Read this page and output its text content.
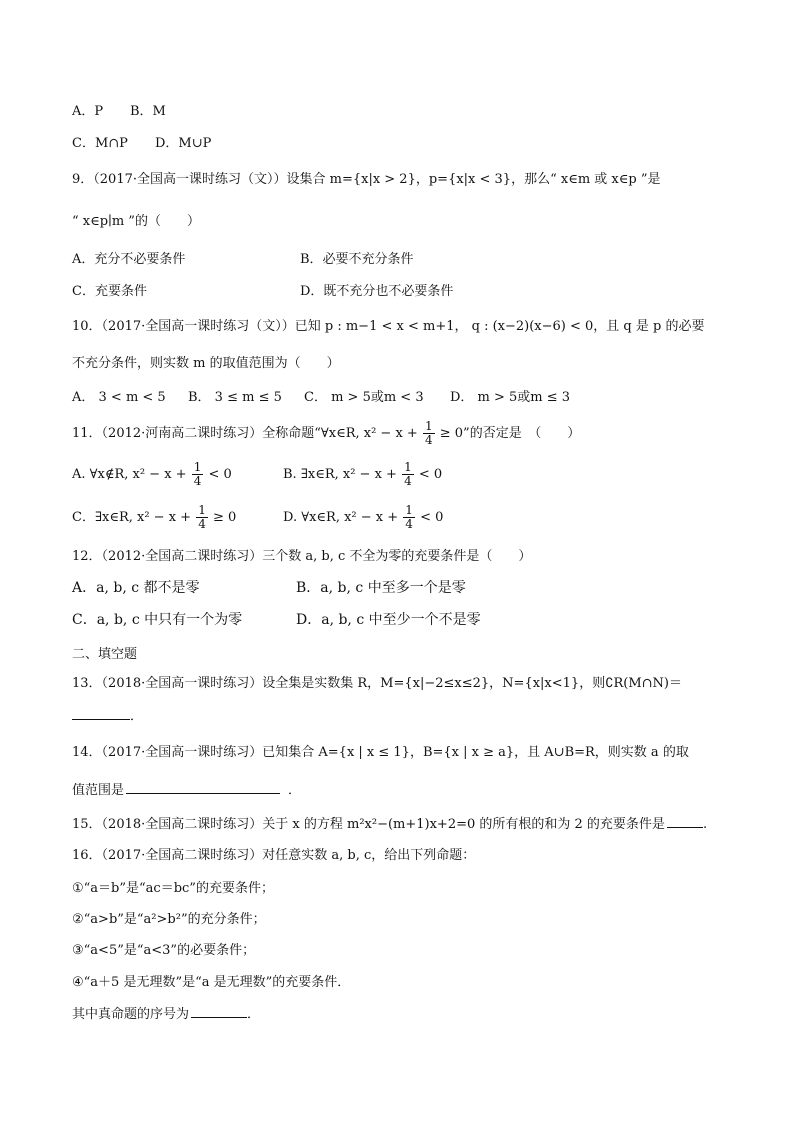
A．P B．M
C．M∩P D．M∪P
9．（2017·全国高一课时练习（文））设集合 m={x|x > 2}，p={x|x < 3}，那么“ x∈m 或 x∈p ”是
“ x∈p∣m ”的（　　）
A．充分不必要条件	B．必要不充分条件
C．充要条件	D．既不充分也不必要条件
10．（2017·全国高一课时练习（文））已知 p : m−1 < x < m+1， q : (x−2)(x−6) < 0，且 q 是 p 的必要
不充分条件，则实数 m 的取值范围为（　　）
A． 3 < m < 5 B． 3 ≤ m ≤ 5 C． m > 5或m < 3 D． m > 5或m ≤ 3
11．（2012·河南高二课时练习）全称命题“∀x∈R, $x^2 - x + \frac{1}{4} \ge 0$”的否定是　（　　）
A. ∀x∉R, $x^2 - x + \frac{1}{4} < 0$	B. ∃x∈R, $x^2 - x + \frac{1}{4} < 0$
C．∃x∈R, $x^2 - x + \frac{1}{4} \ge 0$	D. ∀x∈R, $x^2 - x + \frac{1}{4} < 0$
12．（2012·全国高二课时练习）三个数 a, b, c 不全为零的充要条件是（　　）
A．a, b, c 都不是零	B．a, b, c 中至多一个是零
C．a, b, c 中只有一个为零	D．a, b, c 中至少一个不是零
二、填空题
13．（2018·全国高一课时练习）设全集是实数集 R，M={x|−2≤x≤2}，N={x|x<1}，则∁R(M∩N)＝
．
14．（2017·全国高一课时练习）已知集合 A={x | x ≤ 1}，B={x | x ≥ a}，且 A∪B=R，则实数 a 的取
值范围是	．
15．（2018·全国高二课时练习）关于 x 的方程 m²x²−(m+1)x+2=0 的所有根的和为 2 的充要条件是	.
16．（2017·全国高二课时练习）对任意实数 a, b, c，给出下列命题：
①“a＝b”是“ac＝bc”的充要条件；
②“a>b”是“a²>b²”的充分条件；
③“a<5”是“a<3”的必要条件；
④“a＋5 是无理数”是“a 是无理数”的充要条件．
其中真命题的序号为	．
